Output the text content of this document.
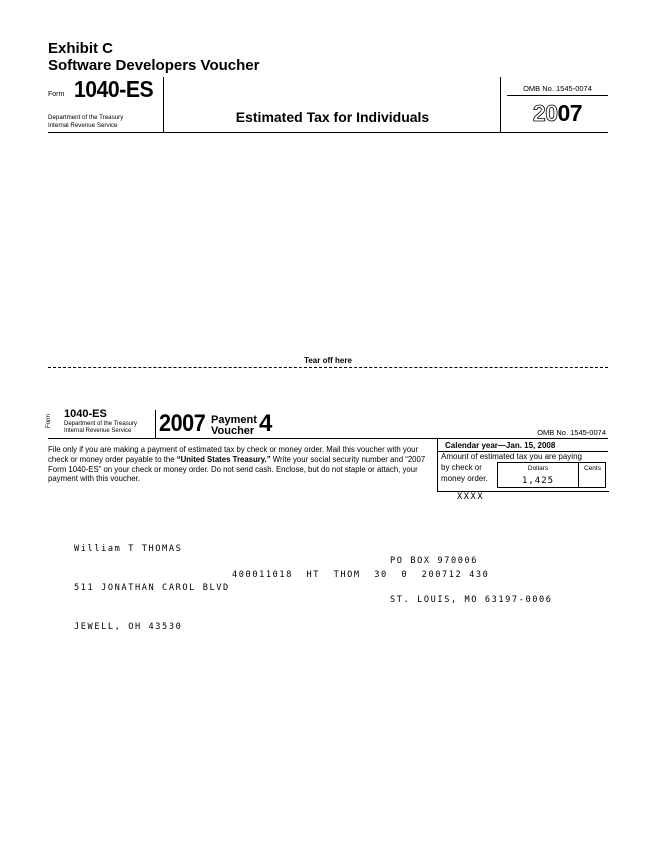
Exhibit C
Software Developers Voucher
Form 1040-ES
Department of the Treasury
Internal Revenue Service	Estimated Tax for Individuals
OMB No. 1545-0074
2007
Tear off here
Form 1040-ES
Department of the Treasury
Internal Revenue Service 2007 Payment
Voucher 4	OMB No. 1545-0074
File only if you are making a payment of estimated tax by check or money order. Mail this voucher with your check or money order payable to the “United States Treasury.” Write your social security number and “2007 Form 1040-ES” on your check or money order. Do not send cash. Enclose, but do not staple or attach, your payment with this voucher.
Calendar year—Jan. 15, 2008
Amount of estimated tax you are paying
by check or
money order.
Dollars	Cents
1,425
XXXX

William T THOMAS

511 JONATHAN CAROL BLVD

JEWELL, OH 43530

PO BOX 970006

ST. LOUIS, MO 63197-0006

400011018  HT  THOM  30  0  200712 430
